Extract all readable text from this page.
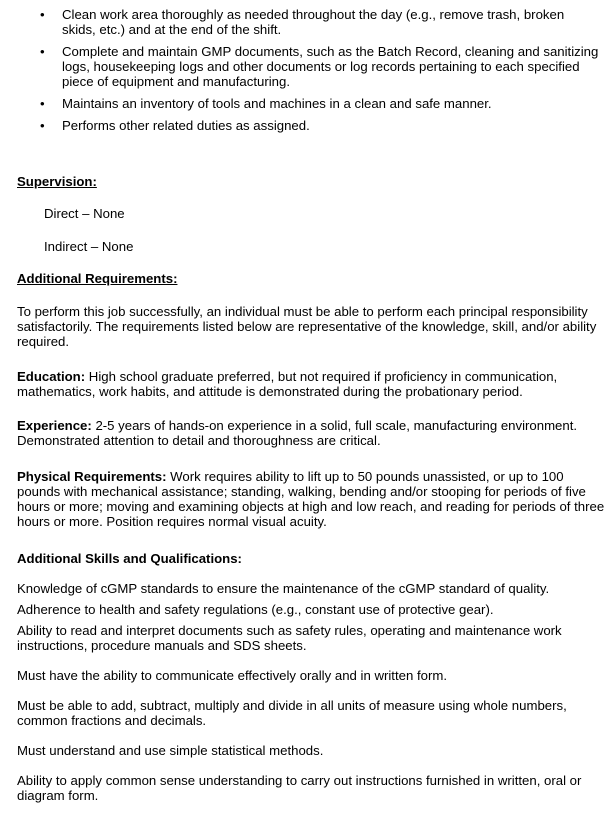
• Clean work area thoroughly as needed throughout the day (e.g., remove trash, broken skids, etc.) and at the end of the shift.
• Complete and maintain GMP documents, such as the Batch Record, cleaning and sanitizing logs, housekeeping logs and other documents or log records pertaining to each specified piece of equipment and manufacturing.
• Maintains an inventory of tools and machines in a clean and safe manner.
• Performs other related duties as assigned.
Supervision:
Direct – None
Indirect – None
Additional Requirements:
To perform this job successfully, an individual must be able to perform each principal responsibility satisfactorily. The requirements listed below are representative of the knowledge, skill, and/or ability required.
Education: High school graduate preferred, but not required if proficiency in communication, mathematics, work habits, and attitude is demonstrated during the probationary period.
Experience: 2-5 years of hands-on experience in a solid, full scale, manufacturing environment. Demonstrated attention to detail and thoroughness are critical.
Physical Requirements: Work requires ability to lift up to 50 pounds unassisted, or up to 100 pounds with mechanical assistance; standing, walking, bending and/or stooping for periods of five hours or more; moving and examining objects at high and low reach, and reading for periods of three hours or more. Position requires normal visual acuity.
Additional Skills and Qualifications:
Knowledge of cGMP standards to ensure the maintenance of the cGMP standard of quality.
Adherence to health and safety regulations (e.g., constant use of protective gear).
Ability to read and interpret documents such as safety rules, operating and maintenance work instructions, procedure manuals and SDS sheets.
Must have the ability to communicate effectively orally and in written form.
Must be able to add, subtract, multiply and divide in all units of measure using whole numbers, common fractions and decimals.
Must understand and use simple statistical methods.
Ability to apply common sense understanding to carry out instructions furnished in written, oral or diagram form.
